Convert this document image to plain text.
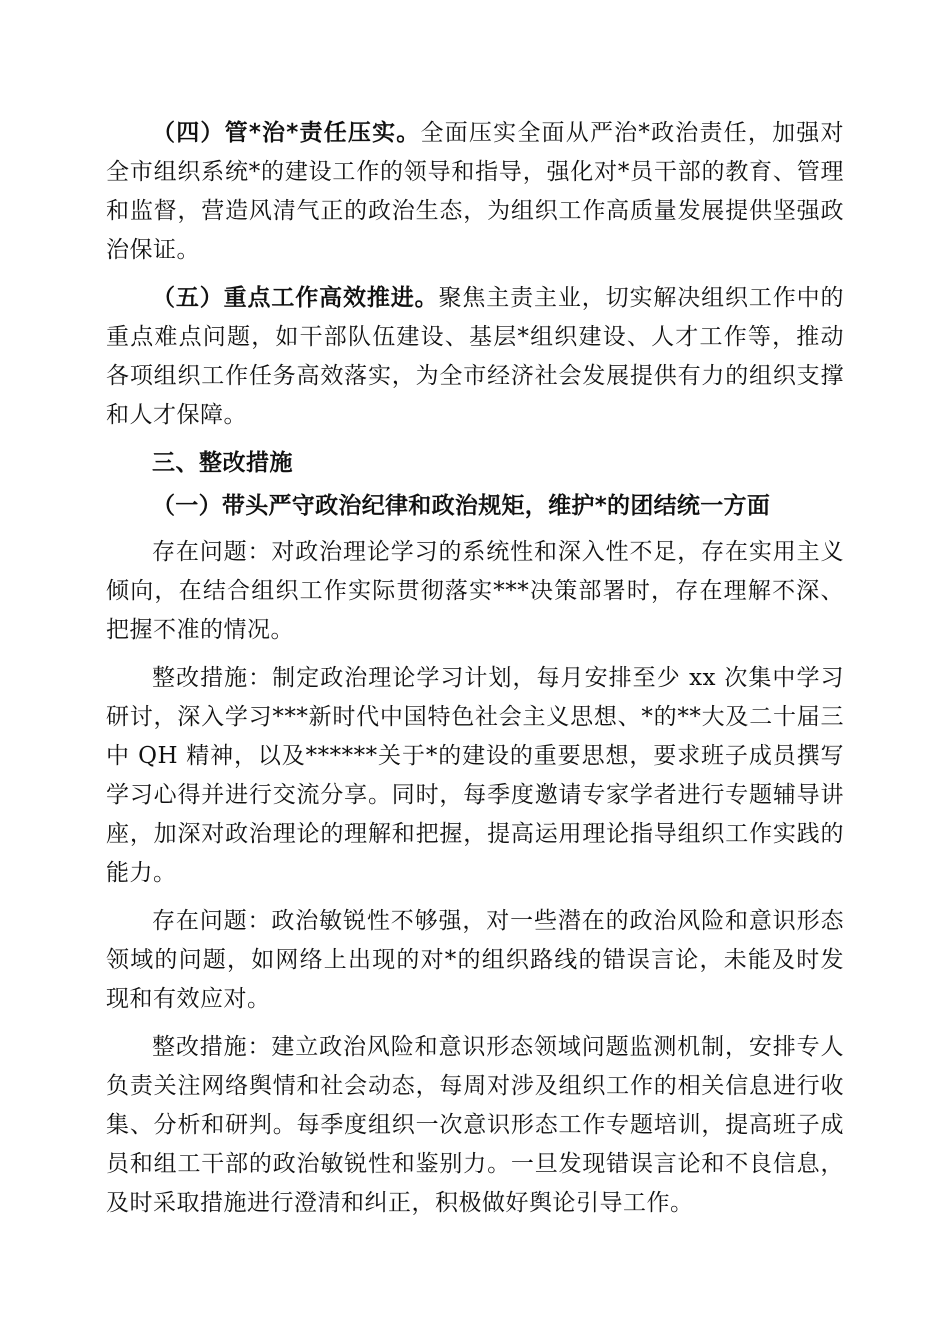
（四）管*治*责任压实。全面压实全面从严治*政治责任，加强对全市组织系统*的建设工作的领导和指导，强化对*员干部的教育、管理和监督，营造风清气正的政治生态，为组织工作高质量发展提供坚强政治保证。

（五）重点工作高效推进。聚焦主责主业，切实解决组织工作中的重点难点问题，如干部队伍建设、基层*组织建设、人才工作等，推动各项组织工作任务高效落实，为全市经济社会发展提供有力的组织支撑和人才保障。

三、整改措施

（一）带头严守政治纪律和政治规矩，维护*的团结统一方面

存在问题：对政治理论学习的系统性和深入性不足，存在实用主义倾向，在结合组织工作实际贯彻落实***决策部署时，存在理解不深、把握不准的情况。

整改措施：制定政治理论学习计划，每月安排至少 xx 次集中学习研讨，深入学习***新时代中国特色社会主义思想、*的**大及二十届三中 QH 精神，以及******关于*的建设的重要思想，要求班子成员撰写学习心得并进行交流分享。同时，每季度邀请专家学者进行专题辅导讲座，加深对政治理论的理解和把握，提高运用理论指导组织工作实践的能力。

存在问题：政治敏锐性不够强，对一些潜在的政治风险和意识形态领域的问题，如网络上出现的对*的组织路线的错误言论，未能及时发现和有效应对。

整改措施：建立政治风险和意识形态领域问题监测机制，安排专人负责关注网络舆情和社会动态，每周对涉及组织工作的相关信息进行收集、分析和研判。每季度组织一次意识形态工作专题培训，提高班子成员和组工干部的政治敏锐性和鉴别力。一旦发现错误言论和不良信息，及时采取措施进行澄清和纠正，积极做好舆论引导工作。
